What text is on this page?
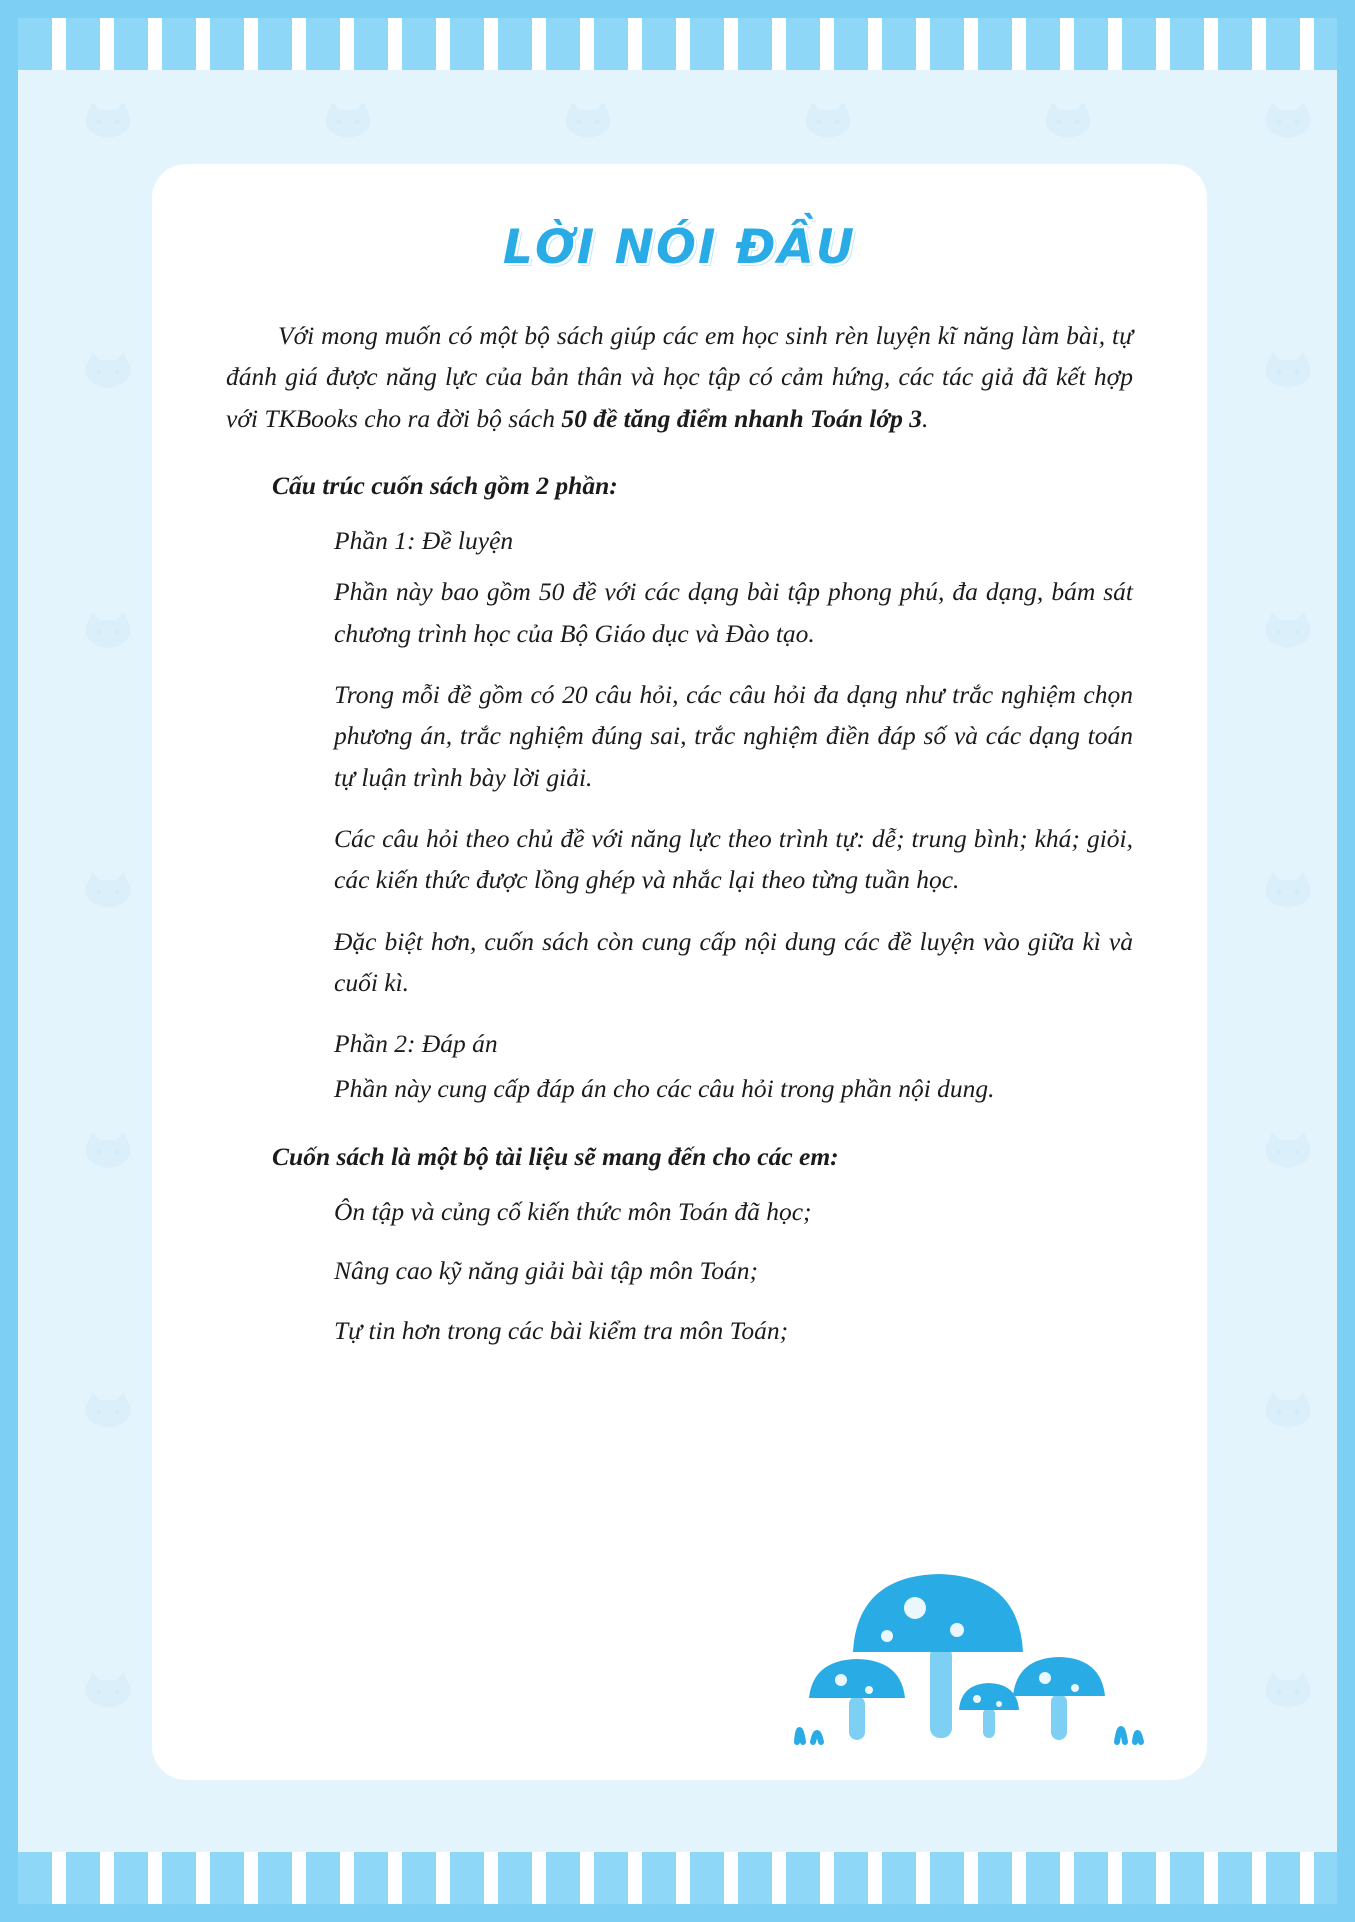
LỜI NÓI ĐẦU

Với mong muốn có một bộ sách giúp các em học sinh rèn luyện kĩ năng làm bài, tự đánh giá được năng lực của bản thân và học tập có cảm hứng, các tác giả đã kết hợp với TKBooks cho ra đời bộ sách 50 đề tăng điểm nhanh Toán lớp 3.

Cấu trúc cuốn sách gồm 2 phần:

Phần 1: Đề luyện

Phần này bao gồm 50 đề với các dạng bài tập phong phú, đa dạng, bám sát chương trình học của Bộ Giáo dục và Đào tạo.

Trong mỗi đề gồm có 20 câu hỏi, các câu hỏi đa dạng như trắc nghiệm chọn phương án, trắc nghiệm đúng sai, trắc nghiệm điền đáp số và các dạng toán tự luận trình bày lời giải.

Các câu hỏi theo chủ đề với năng lực theo trình tự: dễ; trung bình; khá; giỏi, các kiến thức được lồng ghép và nhắc lại theo từng tuần học.

Đặc biệt hơn, cuốn sách còn cung cấp nội dung các đề luyện vào giữa kì và cuối kì.

Phần 2: Đáp án

Phần này cung cấp đáp án cho các câu hỏi trong phần nội dung.

Cuốn sách là một bộ tài liệu sẽ mang đến cho các em:

Ôn tập và củng cố kiến thức môn Toán đã học;

Nâng cao kỹ năng giải bài tập môn Toán;

Tự tin hơn trong các bài kiểm tra môn Toán;
